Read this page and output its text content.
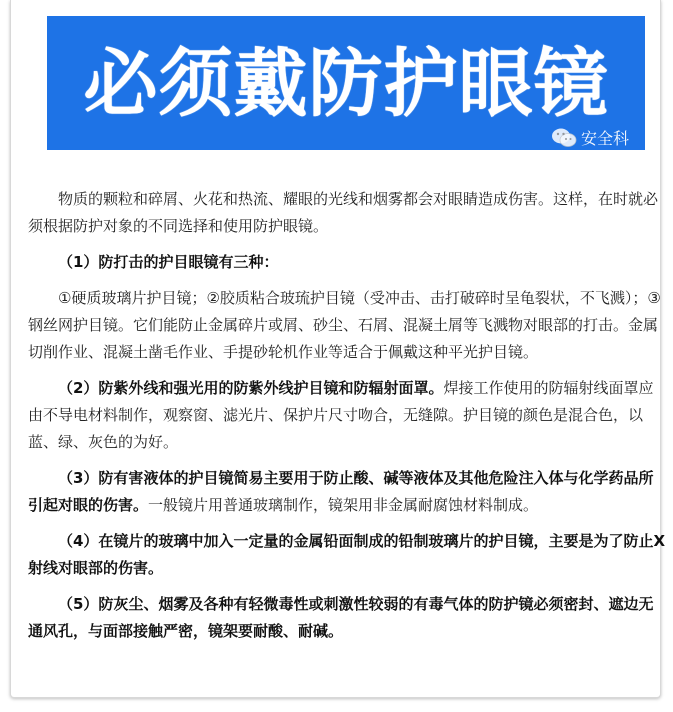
必须戴防护眼镜
安全科

物质的颗粒和碎屑、火花和热流、耀眼的光线和烟雾都会对眼睛造成伤害。这样，在时就必须根据防护对象的不同选择和使用防护眼镜。

（1）防打击的护目眼镜有三种：

①硬质玻璃片护目镜；②胶质粘合玻琉护目镜（受冲击、击打破碎时呈龟裂状，不飞溅）；③钢丝网护目镜。它们能防止金属碎片或屑、砂尘、石屑、混凝土屑等飞溅物对眼部的打击。金属切削作业、混凝土凿毛作业、手提砂轮机作业等适合于佩戴这种平光护目镜。

（2）防紫外线和强光用的防紫外线护目镜和防辐射面罩。焊接工作使用的防辐射线面罩应由不导电材料制作，观察窗、滤光片、保护片尺寸吻合，无缝隙。护目镜的颜色是混合色，以蓝、绿、灰色的为好。

（3）防有害液体的护目镜简易主要用于防止酸、碱等液体及其他危险注入体与化学药品所引起对眼的伤害。一般镜片用普通玻璃制作，镜架用非金属耐腐蚀材料制成。

（4）在镜片的玻璃中加入一定量的金属铅面制成的铅制玻璃片的护目镜，主要是为了防止X射线对眼部的伤害。

（5）防灰尘、烟雾及各种有轻微毒性或刺激性较弱的有毒气体的防护镜必须密封、遮边无通风孔，与面部接触严密，镜架要耐酸、耐碱。
